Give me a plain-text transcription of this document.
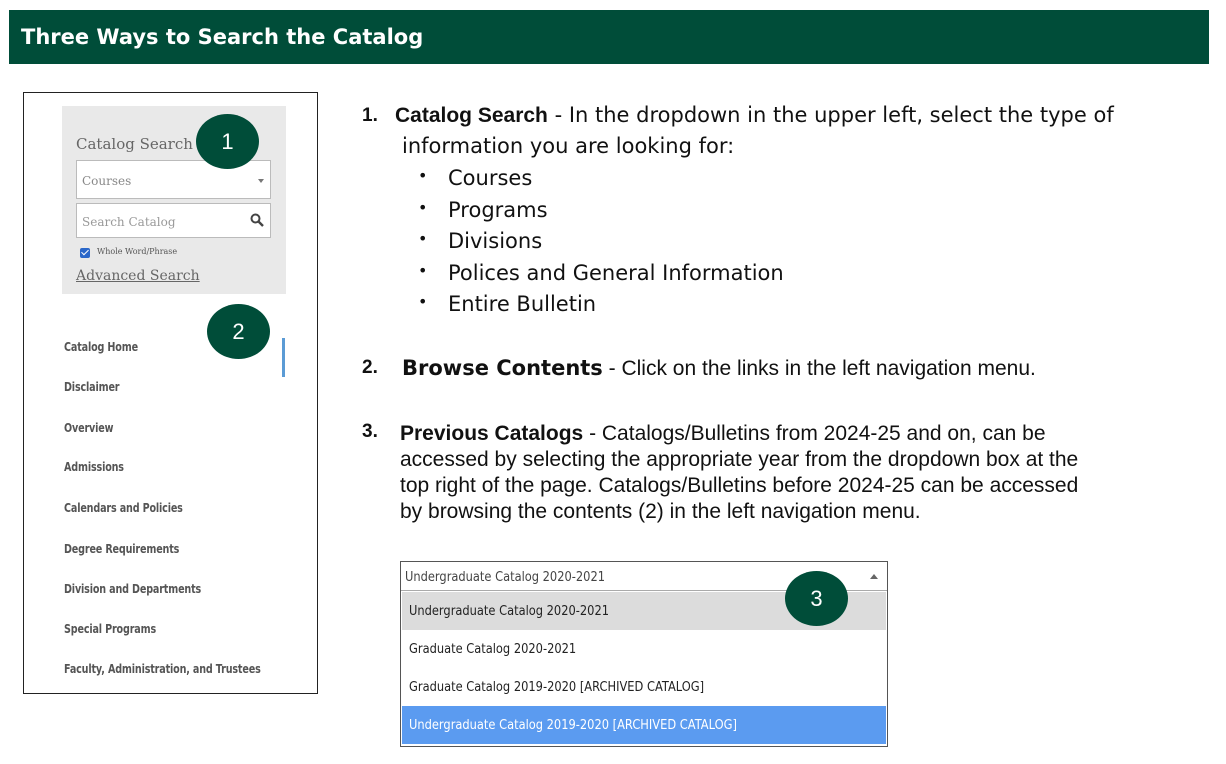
Three Ways to Search the Catalog
Catalog Search
Courses
Search Catalog
Whole Word/Phrase
Advanced Search
Catalog Home
Disclaimer
Overview
Admissions
Calendars and Policies
Degree Requirements
Division and Departments
Special Programs
Faculty, Administration, and Trustees
1
2
1. Catalog Search - In the dropdown in the upper left, select the type of
information you are looking for:
• Courses
• Programs
• Divisions
• Polices and General Information
• Entire Bulletin
2. Browse Contents - Click on the links in the left navigation menu.
3. Previous Catalogs - Catalogs/Bulletins from 2024-25 and on, can be accessed by selecting the appropriate year from the dropdown box at the top right of the page. Catalogs/Bulletins before 2024-25 can be accessed by browsing the contents (2) in the left navigation menu.
Undergraduate Catalog 2020-2021
Undergraduate Catalog 2020-2021
Graduate Catalog 2020-2021
Graduate Catalog 2019-2020 [ARCHIVED CATALOG]
Undergraduate Catalog 2019-2020 [ARCHIVED CATALOG]
3
